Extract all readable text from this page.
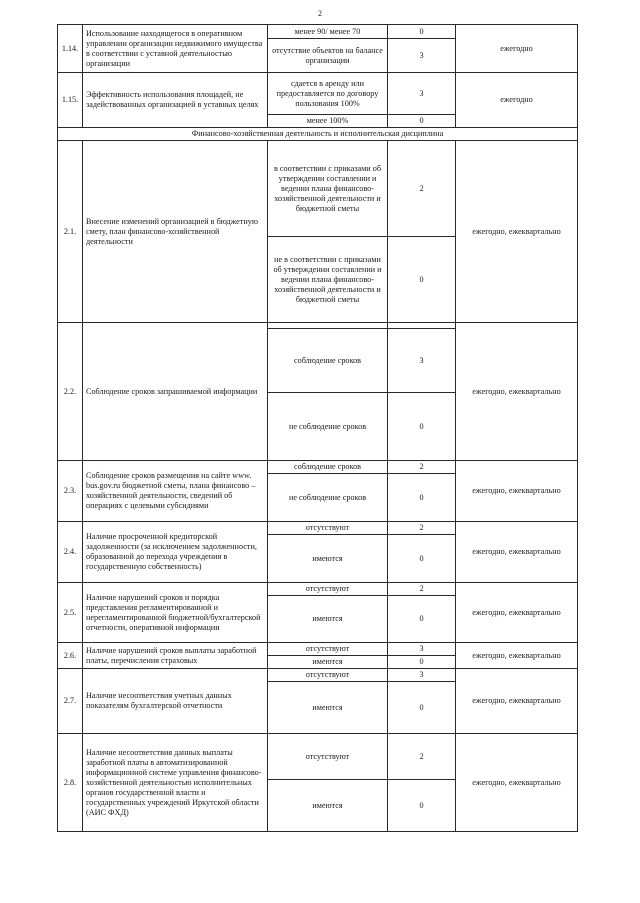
2
1.14.	Использование находящегося в оперативном управлении организации недвижимого имущества в соответствии с уставной деятельностью организации	менее 90/ менее 70	0	ежегодно
		отсутствие объектов на балансе организации	3	
1.15.	Эффективность использования площадей, не задействованных организацией в уставных целях	сдается в аренду или предоставляется по договору пользования 100%	3	ежегодно
		менее 100%	0	
Финансово-хозяйственная деятельность и исполнительская дисциплина				
2.1.	Внесение изменений организацией в бюджетную смету, план финансово-хозяйственной деятельности	в соответствии с приказами об утверждении составлении и ведении плана финансово-хозяйственной деятельности и бюджетной сметы	2	ежегодно, ежеквартально
		не в соответствии с приказами об утверждении составлении и ведении плана финансово- хозяйственной деятельности и бюджетной сметы	0	
2.2.	Соблюдение сроков запрашиваемой информации			ежегодно, ежеквартально
		соблюдение сроков	3	
		не соблюдение сроков	0	
2.3.	Соблюдение сроков размещения на сайте www. bus.gov.ru бюджетной сметы, плана финансово – хозяйственной деятельности, сведений об операциях с целевыми субсидиями	соблюдение сроков	2	ежегодно, ежеквартально
		не соблюдение сроков	0	
2.4.	Наличие просроченной кредиторской задолженности (за исключением задолженности, образованной до перехода учреждения в государственную собственность)	отсутствуют	2	ежегодно, ежеквартально
		имеются	0	
2.5.	Наличие нарушений сроков и порядка представления регламентированной и нерегламентированной бюджетной/бухгалтерской отчетности, оперативной информации	отсутствуют	2	ежегодно, ежеквартально
		имеются	0	
2.6.	Наличие нарушений сроков выплаты заработной платы, перечисления страховых	отсутствуют	3	ежегодно, ежеквартально
		имеются	0	
2.7.	Наличие несоответствия учетных данных показателям бухгалтерской отчетности	отсутствуют	3	ежегодно, ежеквартально
		имеются	0	
2.8.	Наличие несоответствия данных выплаты заработной платы в автоматизированной информационной системе управления финансово-хозяйственной деятельностью исполнительных органов государственной власти и государственных учреждений Иркутской области (АИС ФХД)	отсутствуют	2	ежегодно, ежеквартально
		имеются	0	
